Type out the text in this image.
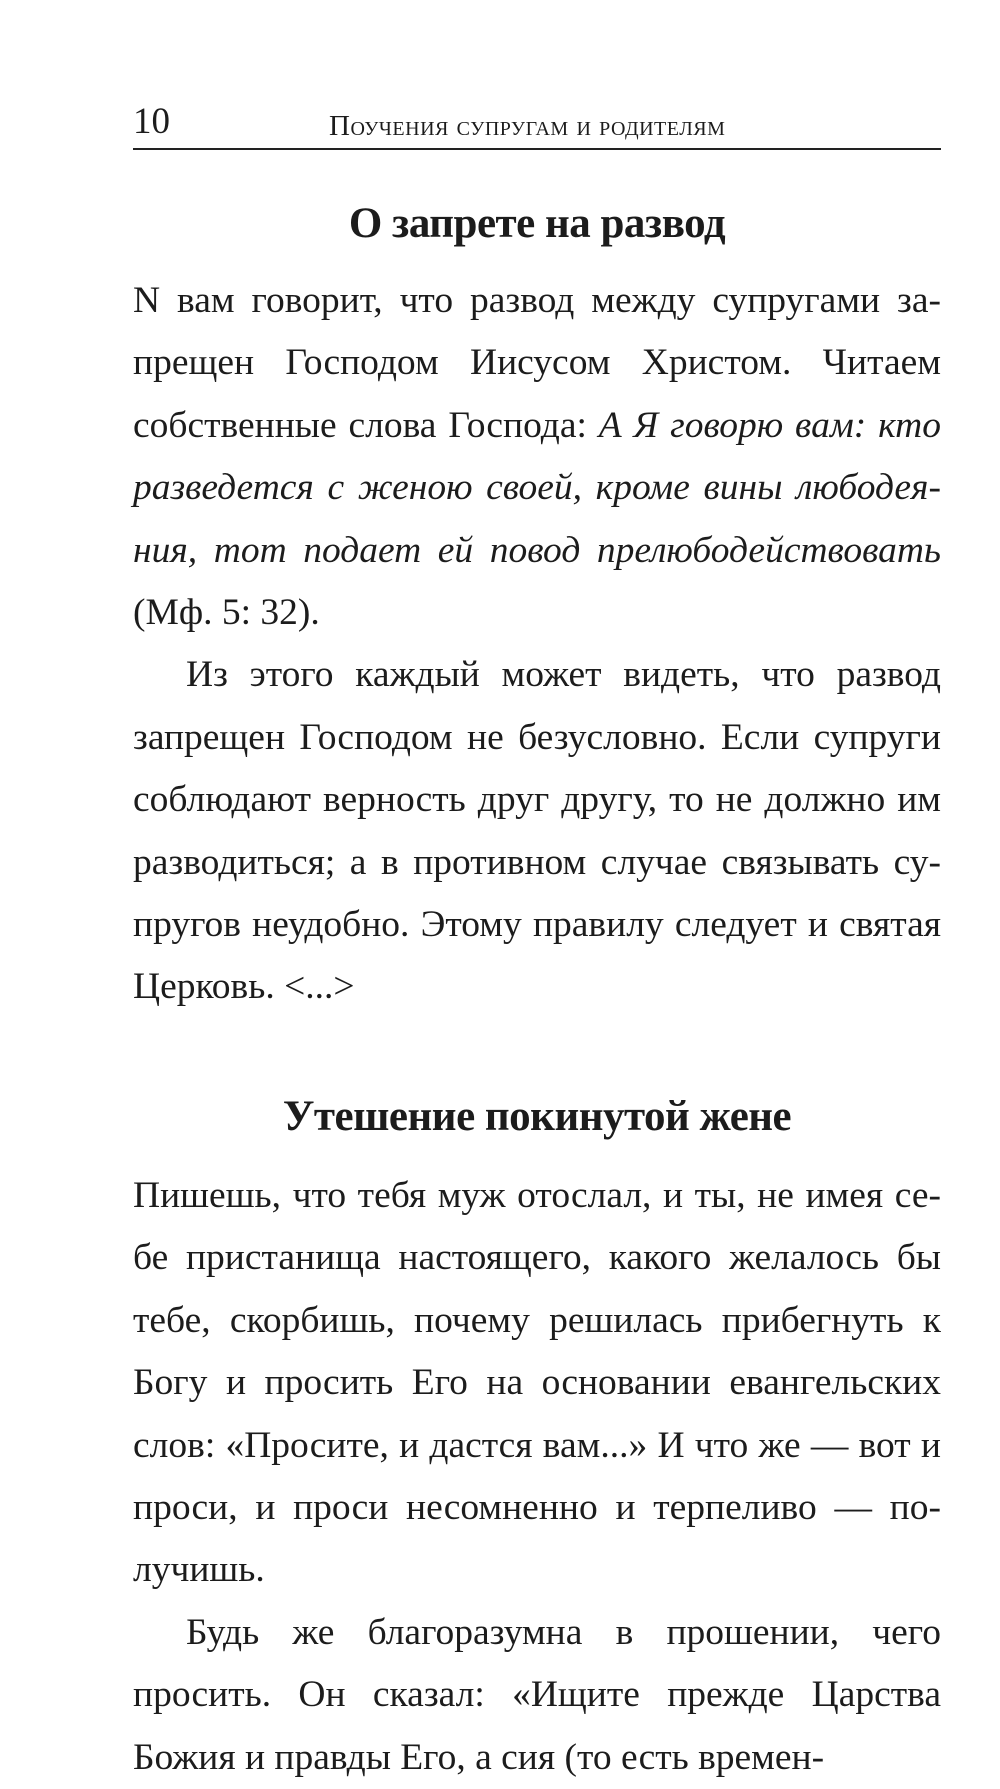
10	Поучения супругам и родителям
О запрете на развод

N вам говорит, что развод между супругами запрещен Господом Иисусом Христом. Читаем собственные слова Господа: А Я говорю вам: кто разведется с женою своей, кроме вины любодеяния, тот подает ей повод прелюбодействовать (Мф. 5: 32).

Из этого каждый может видеть, что развод запрещен Господом не безусловно. Если супруги соблюдают верность друг другу, то не должно им разводиться; а в противном случае связывать супругов неудобно. Этому правилу следует и святая Церковь. <...>

Утешение покинутой жене

Пишешь, что тебя муж отослал, и ты, не имея себе пристанища настоящего, какого желалось бы тебе, скорбишь, почему решилась прибегнуть к Богу и просить Его на основании евангельских слов: «Просите, и дастся вам...» И что же — вот и проси, и проси несомненно и терпеливо — получишь.

Будь же благоразумна в прошении, чего просить. Он сказал: «Ищите прежде Царства Божия и правды Его, а сия (то есть времен-
